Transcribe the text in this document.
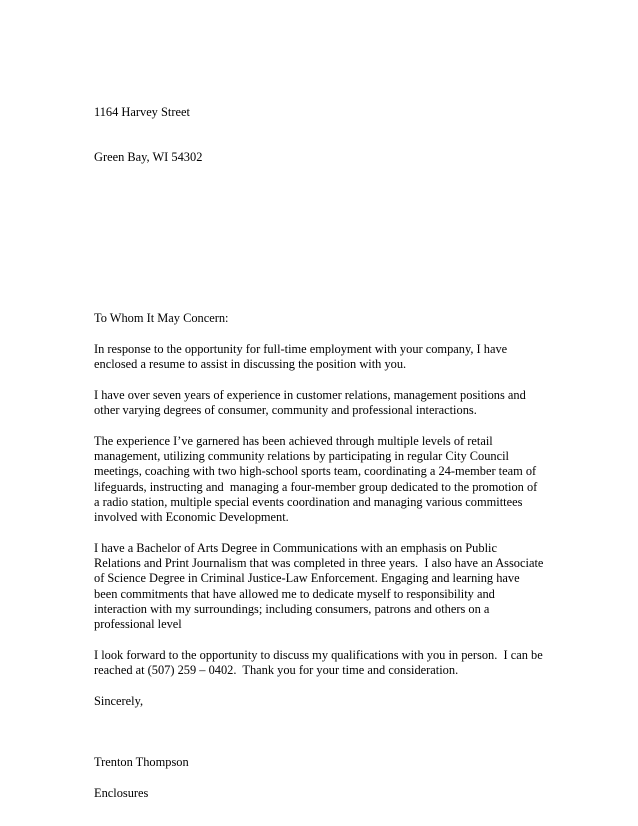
1164 Harvey Street

Green Bay, WI 54302

To Whom It May Concern:

In response to the opportunity for full-time employment with your company, I have enclosed a resume to assist in discussing the position with you.

I have over seven years of experience in customer relations, management positions and other varying degrees of consumer, community and professional interactions.

The experience I’ve garnered has been achieved through multiple levels of retail management, utilizing community relations by participating in regular City Council meetings, coaching with two high-school sports team, coordinating a 24-member team of lifeguards, instructing and  managing a four-member group dedicated to the promotion of a radio station, multiple special events coordination and managing various committees involved with Economic Development.

I have a Bachelor of Arts Degree in Communications with an emphasis on Public Relations and Print Journalism that was completed in three years.  I also have an Associate of Science Degree in Criminal Justice-Law Enforcement. Engaging and learning have been commitments that have allowed me to dedicate myself to responsibility and interaction with my surroundings; including consumers, patrons and others on a professional level

I look forward to the opportunity to discuss my qualifications with you in person.  I can be reached at (507) 259 – 0402.  Thank you for your time and consideration.

Sincerely,

Trenton Thompson

Enclosures
